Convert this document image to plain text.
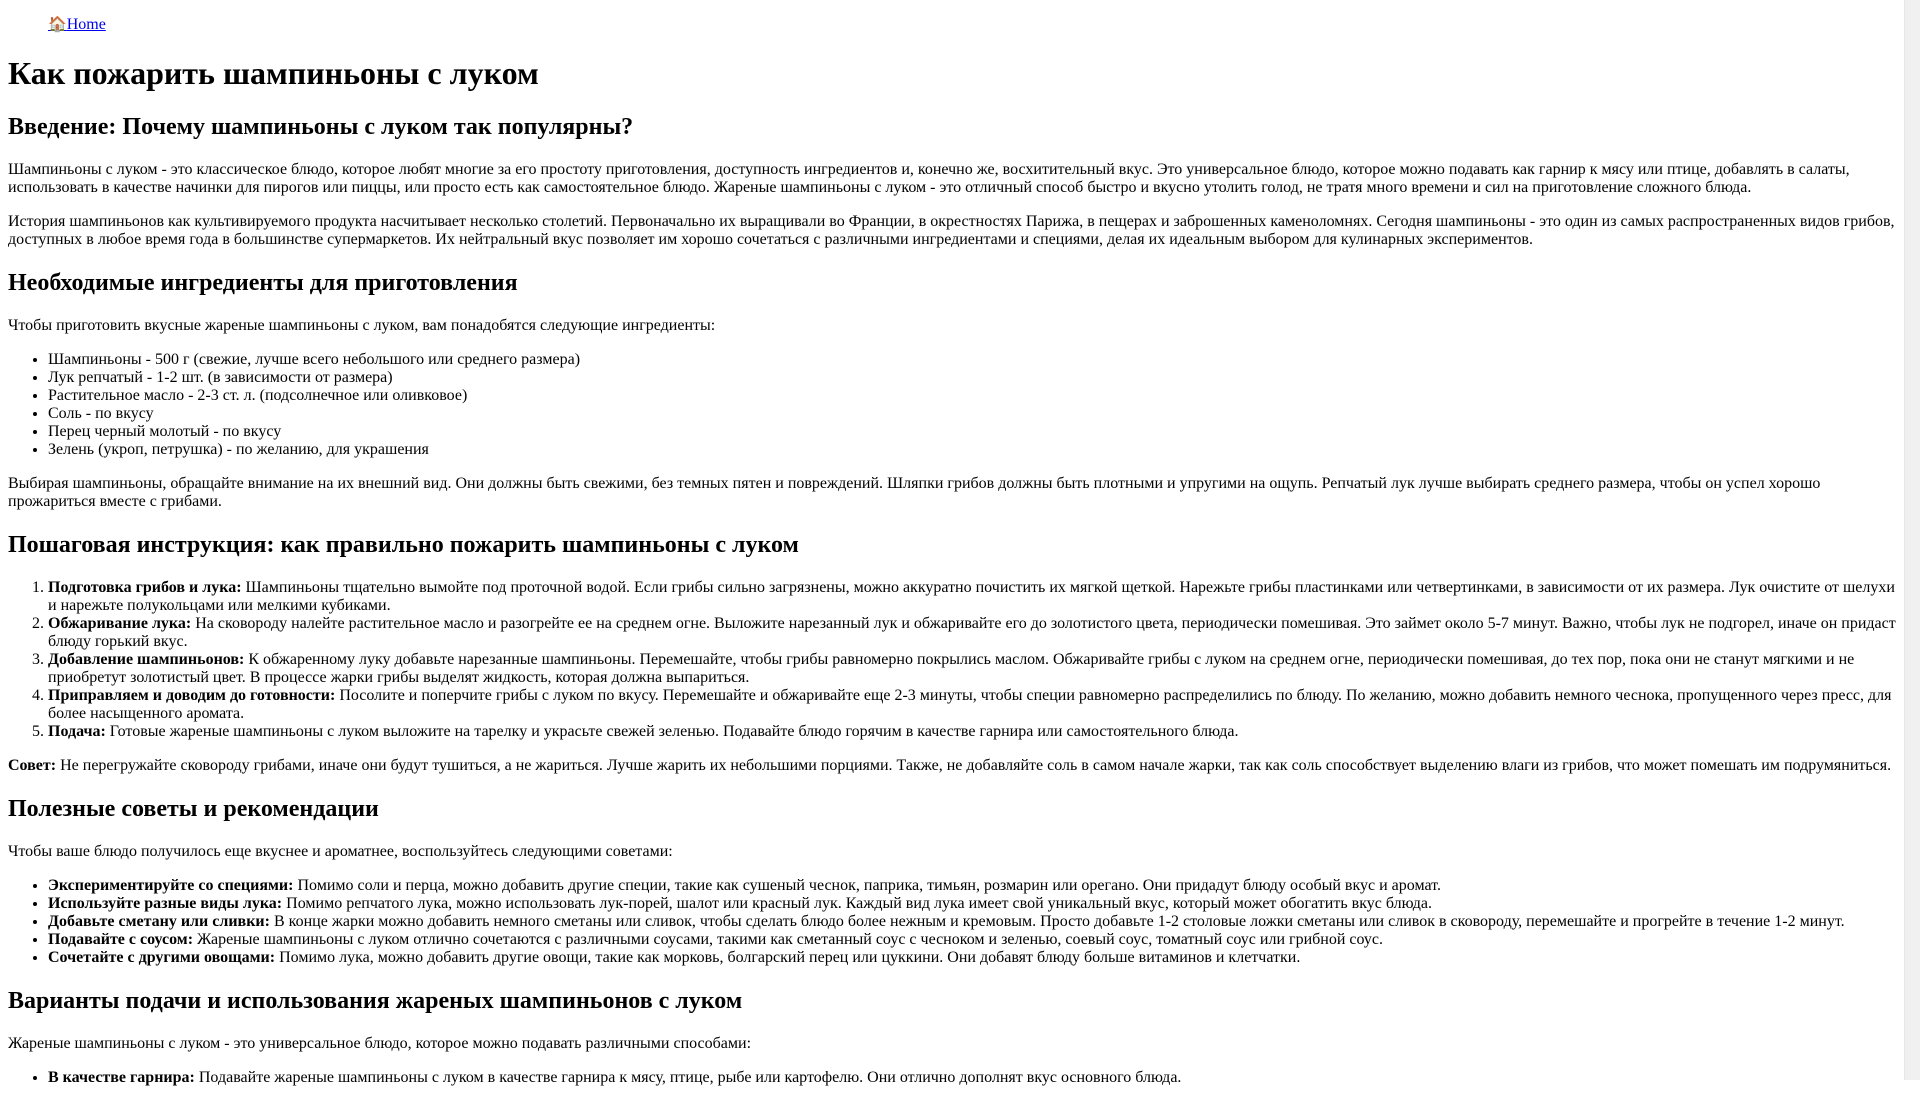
🏠Home
Как пожарить шампиньоны с луком
Введение: Почему шампиньоны с луком так популярны?

Шампиньоны с луком - это классическое блюдо, которое любят многие за его простоту приготовления, доступность ингредиентов и, конечно же, восхитительный вкус. Это универсальное блюдо, которое можно подавать как гарнир к мясу или птице, добавлять в салаты, использовать в качестве начинки для пирогов или пиццы, или просто есть как самостоятельное блюдо. Жареные шампиньоны с луком - это отличный способ быстро и вкусно утолить голод, не тратя много времени и сил на приготовление сложного блюда.

История шампиньонов как культивируемого продукта насчитывает несколько столетий. Первоначально их выращивали во Франции, в окрестностях Парижа, в пещерах и заброшенных каменоломнях. Сегодня шампиньоны - это один из самых распространенных видов грибов, доступных в любое время года в большинстве супермаркетов. Их нейтральный вкус позволяет им хорошо сочетаться с различными ингредиентами и специями, делая их идеальным выбором для кулинарных экспериментов.

Необходимые ингредиенты для приготовления

Чтобы приготовить вкусные жареные шампиньоны с луком, вам понадобятся следующие ингредиенты:

• Шампиньоны - 500 г (свежие, лучше всего небольшого или среднего размера)
• Лук репчатый - 1-2 шт. (в зависимости от размера)
• Растительное масло - 2-3 ст. л. (подсолнечное или оливковое)
• Соль - по вкусу
• Перец черный молотый - по вкусу
• Зелень (укроп, петрушка) - по желанию, для украшения

Выбирая шампиньоны, обращайте внимание на их внешний вид. Они должны быть свежими, без темных пятен и повреждений. Шляпки грибов должны быть плотными и упругими на ощупь. Репчатый лук лучше выбирать среднего размера, чтобы он успел хорошо прожариться вместе с грибами.

Пошаговая инструкция: как правильно пожарить шампиньоны с луком
1. Подготовка грибов и лука: Шампиньоны тщательно вымойте под проточной водой. Если грибы сильно загрязнены, можно аккуратно почистить их мягкой щеткой. Нарежьте грибы пластинками или четвертинками, в зависимости от их размера. Лук очистите от шелухи и нарежьте полукольцами или мелкими кубиками.
2. Обжаривание лука: На сковороду налейте растительное масло и разогрейте ее на среднем огне. Выложите нарезанный лук и обжаривайте его до золотистого цвета, периодически помешивая. Это займет около 5-7 минут. Важно, чтобы лук не подгорел, иначе он придаст блюду горький вкус.
3. Добавление шампиньонов: К обжаренному луку добавьте нарезанные шампиньоны. Перемешайте, чтобы грибы равномерно покрылись маслом. Обжаривайте грибы с луком на среднем огне, периодически помешивая, до тех пор, пока они не станут мягкими и не приобретут золотистый цвет. В процессе жарки грибы выделят жидкость, которая должна выпариться.
4. Приправляем и доводим до готовности: Посолите и поперчите грибы с луком по вкусу. Перемешайте и обжаривайте еще 2-3 минуты, чтобы специи равномерно распределились по блюду. По желанию, можно добавить немного чеснока, пропущенного через пресс, для более насыщенного аромата.
5. Подача: Готовые жареные шампиньоны с луком выложите на тарелку и украсьте свежей зеленью. Подавайте блюдо горячим в качестве гарнира или самостоятельного блюда.

Совет: Не перегружайте сковороду грибами, иначе они будут тушиться, а не жариться. Лучше жарить их небольшими порциями. Также, не добавляйте соль в самом начале жарки, так как соль способствует выделению влаги из грибов, что может помешать им подрумяниться.

Полезные советы и рекомендации

Чтобы ваше блюдо получилось еще вкуснее и ароматнее, воспользуйтесь следующими советами:

• Экспериментируйте со специями: Помимо соли и перца, можно добавить другие специи, такие как сушеный чеснок, паприка, тимьян, розмарин или орегано. Они придадут блюду особый вкус и аромат.
• Используйте разные виды лука: Помимо репчатого лука, можно использовать лук-порей, шалот или красный лук. Каждый вид лука имеет свой уникальный вкус, который может обогатить вкус блюда.
• Добавьте сметану или сливки: В конце жарки можно добавить немного сметаны или сливок, чтобы сделать блюдо более нежным и кремовым. Просто добавьте 1-2 столовые ложки сметаны или сливок в сковороду, перемешайте и прогрейте в течение 1-2 минут.
• Подавайте с соусом: Жареные шампиньоны с луком отлично сочетаются с различными соусами, такими как сметанный соус с чесноком и зеленью, соевый соус, томатный соус или грибной соус.
• Сочетайте с другими овощами: Помимо лука, можно добавить другие овощи, такие как морковь, болгарский перец или цуккини. Они добавят блюду больше витаминов и клетчатки.
Варианты подачи и использования жареных шампиньонов с луком

Жареные шампиньоны с луком - это универсальное блюдо, которое можно подавать различными способами:

• В качестве гарнира: Подавайте жареные шампиньоны с луком в качестве гарнира к мясу, птице, рыбе или картофелю. Они отлично дополнят вкус основного блюда.
